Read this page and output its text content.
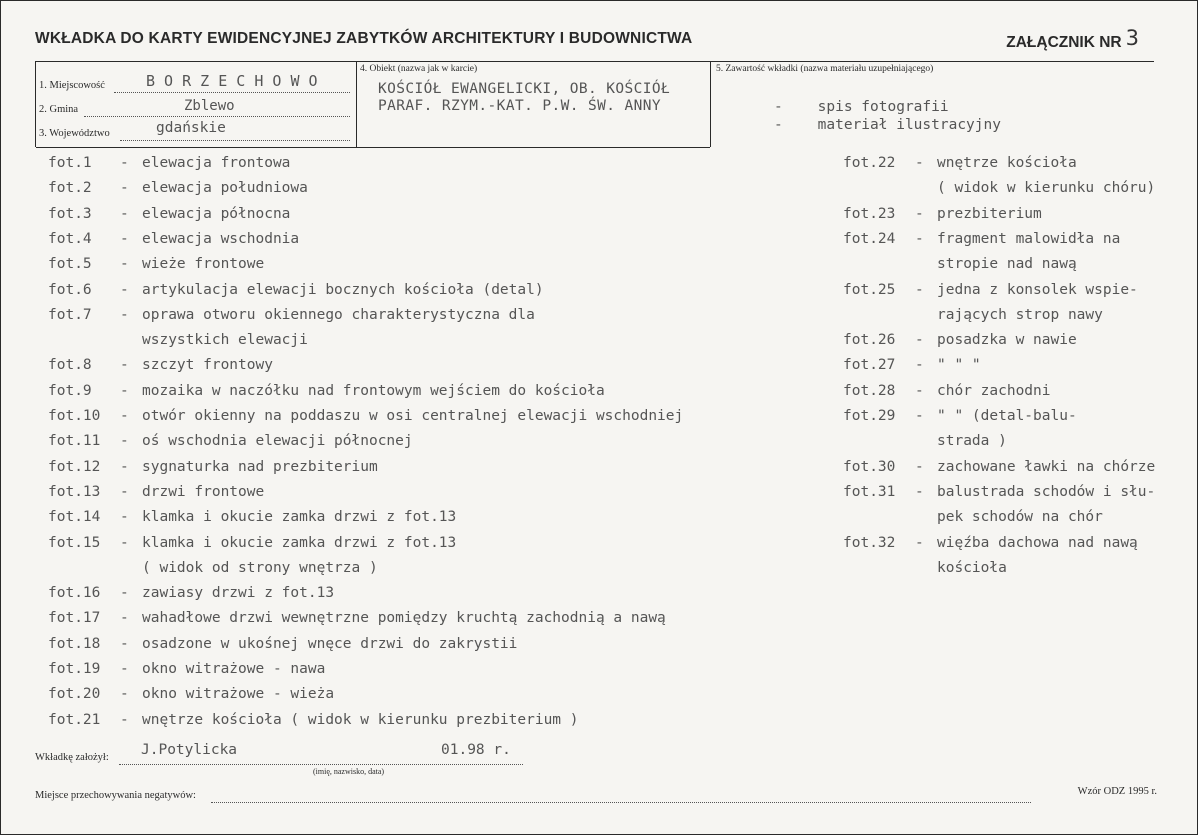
WKŁADKA DO KARTY EWIDENCYJNEJ ZABYTKÓW ARCHITEKTURY I BUDOWNICTWA	ZAŁĄCZNIK NR 3
1. Miejscowość	B O R Z E C H O W O
2. Gmina	Zblewo
3. Województwo	gdańskie
4. Obiekt (nazwa jak w karcie)
KOŚCIÓŁ EWANGELICKI, OB. KOŚCIÓŁ
PARAF. RZYM.-KAT. P.W. ŚW. ANNY
5. Zawartość wkładki (nazwa materiału uzupełniającego)
-    spis fotografii
-    materiał ilustracyjny
fot.1 - elewacja frontowa
fot.2 - elewacja południowa
fot.3 - elewacja północna
fot.4 - elewacja wschodnia
fot.5 - wieże frontowe
fot.6 - artykulacja elewacji bocznych kościoła (detal)
fot.7 - oprawa otworu okiennego charakterystyczna dla
wszystkich elewacji
fot.8 - szczyt frontowy
fot.9 - mozaika w naczółku nad frontowym wejściem do kościoła
fot.10 - otwór okienny na poddaszu w osi centralnej elewacji wschodniej
fot.11 - oś wschodnia elewacji północnej
fot.12 - sygnaturka nad prezbiterium
fot.13 - drzwi frontowe
fot.14 - klamka i okucie zamka drzwi z fot.13
fot.15 - klamka i okucie zamka drzwi z fot.13
( widok od strony wnętrza )
fot.16 - zawiasy drzwi z fot.13
fot.17 - wahadłowe drzwi wewnętrzne pomiędzy kruchtą zachodnią a nawą
fot.18 - osadzone w ukośnej wnęce drzwi do zakrystii
fot.19 - okno witrażowe - nawa
fot.20 - okno witrażowe - wieża
fot.21 - wnętrze kościoła ( widok w kierunku prezbiterium )
fot.22 - wnętrze kościoła
( widok w kierunku chóru)
fot.23 - prezbiterium
fot.24 - fragment malowidła na
stropie nad nawą
fot.25 - jedna z konsolek wspie-
rających strop nawy
fot.26 - posadzka w nawie
fot.27 - " " "
fot.28 - chór zachodni
fot.29 - " " (detal-balu-
strada )
fot.30 - zachowane ławki na chórze
fot.31 - balustrada schodów i słu-
pek schodów na chór
fot.32 - więźba dachowa nad nawą
kościoła
Wkładkę założył: J.Potylicka	01.98 r.
(imię, nazwisko, data)
Miejsce przechowywania negatywów:	Wzór ODZ 1995 r.
